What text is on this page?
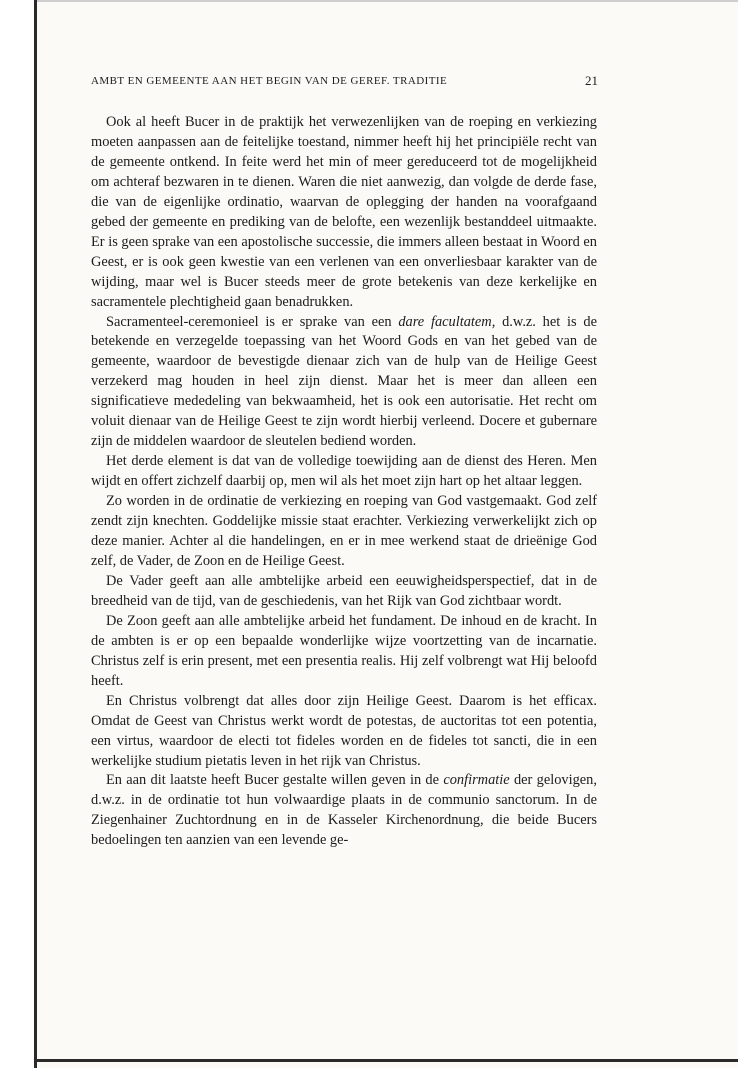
AMBT EN GEMEENTE AAN HET BEGIN VAN DE GEREF. TRADITIE	21

Ook al heeft Bucer in de praktijk het verwezenlijken van de roeping en verkiezing moeten aanpassen aan de feitelijke toestand, nimmer heeft hij het principiële recht van de gemeente ontkend. In feite werd het min of meer gereduceerd tot de mogelijkheid om achteraf bezwaren in te dienen. Waren die niet aanwezig, dan volgde de derde fase, die van de eigenlijke ordinatio, waarvan de oplegging der handen na voorafgaand gebed der gemeente en prediking van de belofte, een wezenlijk bestanddeel uitmaakte. Er is geen sprake van een apostolische successie, die immers alleen bestaat in Woord en Geest, er is ook geen kwestie van een verlenen van een onverliesbaar karakter van de wijding, maar wel is Bucer steeds meer de grote betekenis van deze kerkelijke en sacramentele plechtigheid gaan benadrukken.

Sacramenteel-ceremonieel is er sprake van een dare facultatem, d.w.z. het is de betekende en verzegelde toepassing van het Woord Gods en van het gebed van de gemeente, waardoor de bevestigde dienaar zich van de hulp van de Heilige Geest verzekerd mag houden in heel zijn dienst. Maar het is meer dan alleen een significatieve mededeling van bekwaamheid, het is ook een autorisatie. Het recht om voluit dienaar van de Heilige Geest te zijn wordt hierbij verleend. Docere et gubernare zijn de middelen waardoor de sleutelen bediend worden.

Het derde element is dat van de volledige toewijding aan de dienst des Heren. Men wijdt en offert zichzelf daarbij op, men wil als het moet zijn hart op het altaar leggen.

Zo worden in de ordinatie de verkiezing en roeping van God vastgemaakt. God zelf zendt zijn knechten. Goddelijke missie staat erachter. Verkiezing verwerkelijkt zich op deze manier. Achter al die handelingen, en er in mee werkend staat de drieënige God zelf, de Vader, de Zoon en de Heilige Geest.

De Vader geeft aan alle ambtelijke arbeid een eeuwigheidsperspectief, dat in de breedheid van de tijd, van de geschiedenis, van het Rijk van God zichtbaar wordt.

De Zoon geeft aan alle ambtelijke arbeid het fundament. De inhoud en de kracht. In de ambten is er op een bepaalde wonderlijke wijze voortzetting van de incarnatie. Christus zelf is erin present, met een presentia realis. Hij zelf volbrengt wat Hij beloofd heeft.

En Christus volbrengt dat alles door zijn Heilige Geest. Daarom is het efficax. Omdat de Geest van Christus werkt wordt de potestas, de auctoritas tot een potentia, een virtus, waardoor de electi tot fideles worden en de fideles tot sancti, die in een werkelijke studium pietatis leven in het rijk van Christus.

En aan dit laatste heeft Bucer gestalte willen geven in de confirmatie der gelovigen, d.w.z. in de ordinatie tot hun volwaardige plaats in de communio sanctorum. In de Ziegenhainer Zuchtordnung en in de Kasseler Kirchenordnung, die beide Bucers bedoelingen ten aanzien van een levende ge-
